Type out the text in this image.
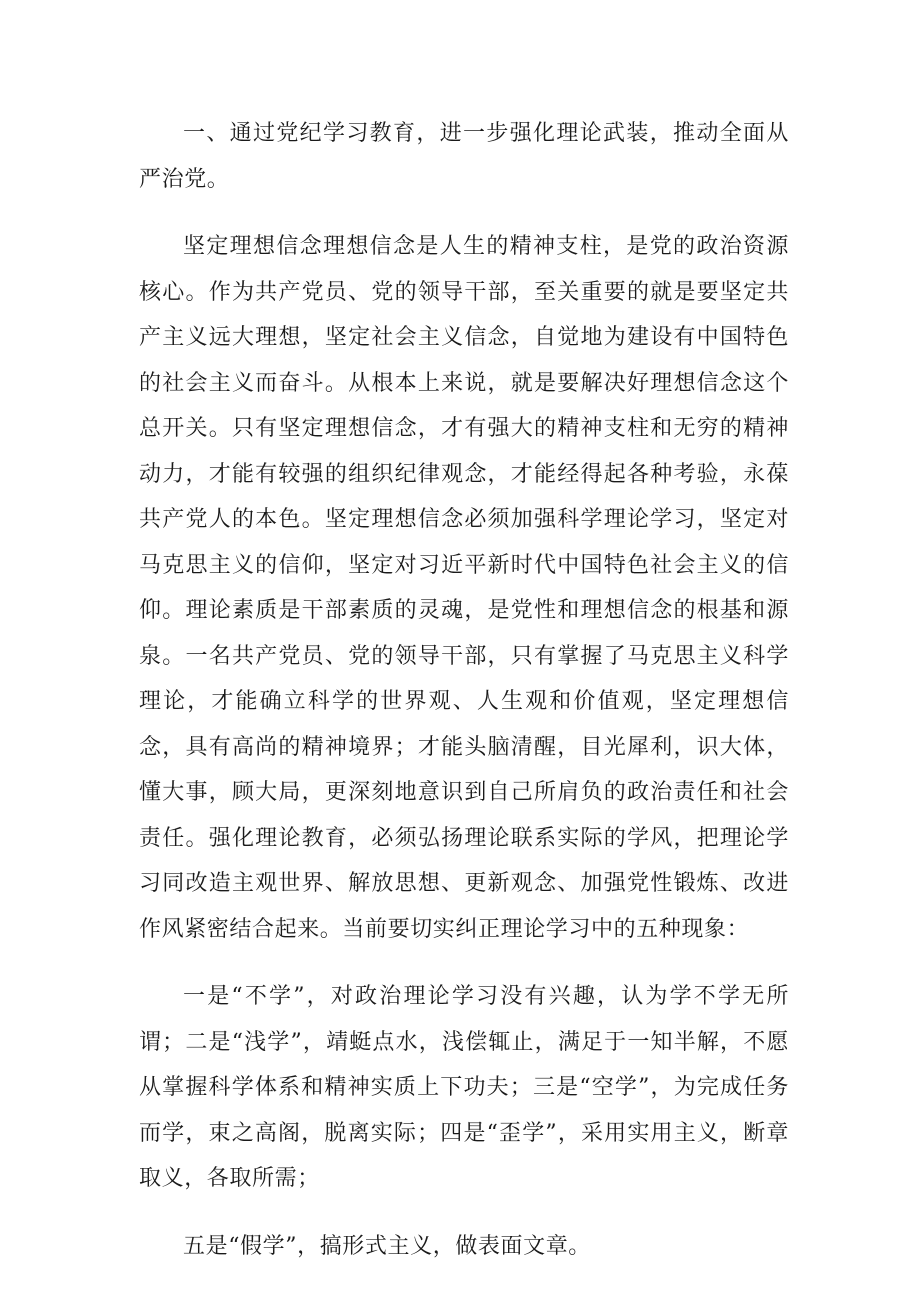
一、通过党纪学习教育，进一步强化理论武装，推动全面从严治党。

坚定理想信念理想信念是人生的精神支柱，是党的政治资源核心。作为共产党员、党的领导干部，至关重要的就是要坚定共产主义远大理想，坚定社会主义信念，自觉地为建设有中国特色的社会主义而奋斗。从根本上来说，就是要解决好理想信念这个总开关。只有坚定理想信念，才有强大的精神支柱和无穷的精神动力，才能有较强的组织纪律观念，才能经得起各种考验，永葆共产党人的本色。坚定理想信念必须加强科学理论学习，坚定对马克思主义的信仰，坚定对习近平新时代中国特色社会主义的信仰。理论素质是干部素质的灵魂，是党性和理想信念的根基和源泉。一名共产党员、党的领导干部，只有掌握了马克思主义科学理论，才能确立科学的世界观、人生观和价值观，坚定理想信念，具有高尚的精神境界；才能头脑清醒，目光犀利，识大体，懂大事，顾大局，更深刻地意识到自己所肩负的政治责任和社会责任。强化理论教育，必须弘扬理论联系实际的学风，把理论学习同改造主观世界、解放思想、更新观念、加强党性锻炼、改进作风紧密结合起来。当前要切实纠正理论学习中的五种现象：

一是“不学”，对政治理论学习没有兴趣，认为学不学无所谓；二是“浅学”，靖蜓点水，浅偿辄止，满足于一知半解，不愿从掌握科学体系和精神实质上下功夫；三是“空学”，为完成任务而学，束之高阁，脱离实际；四是“歪学”，采用实用主义，断章取义，各取所需；

五是“假学”，搞形式主义，做表面文章。
